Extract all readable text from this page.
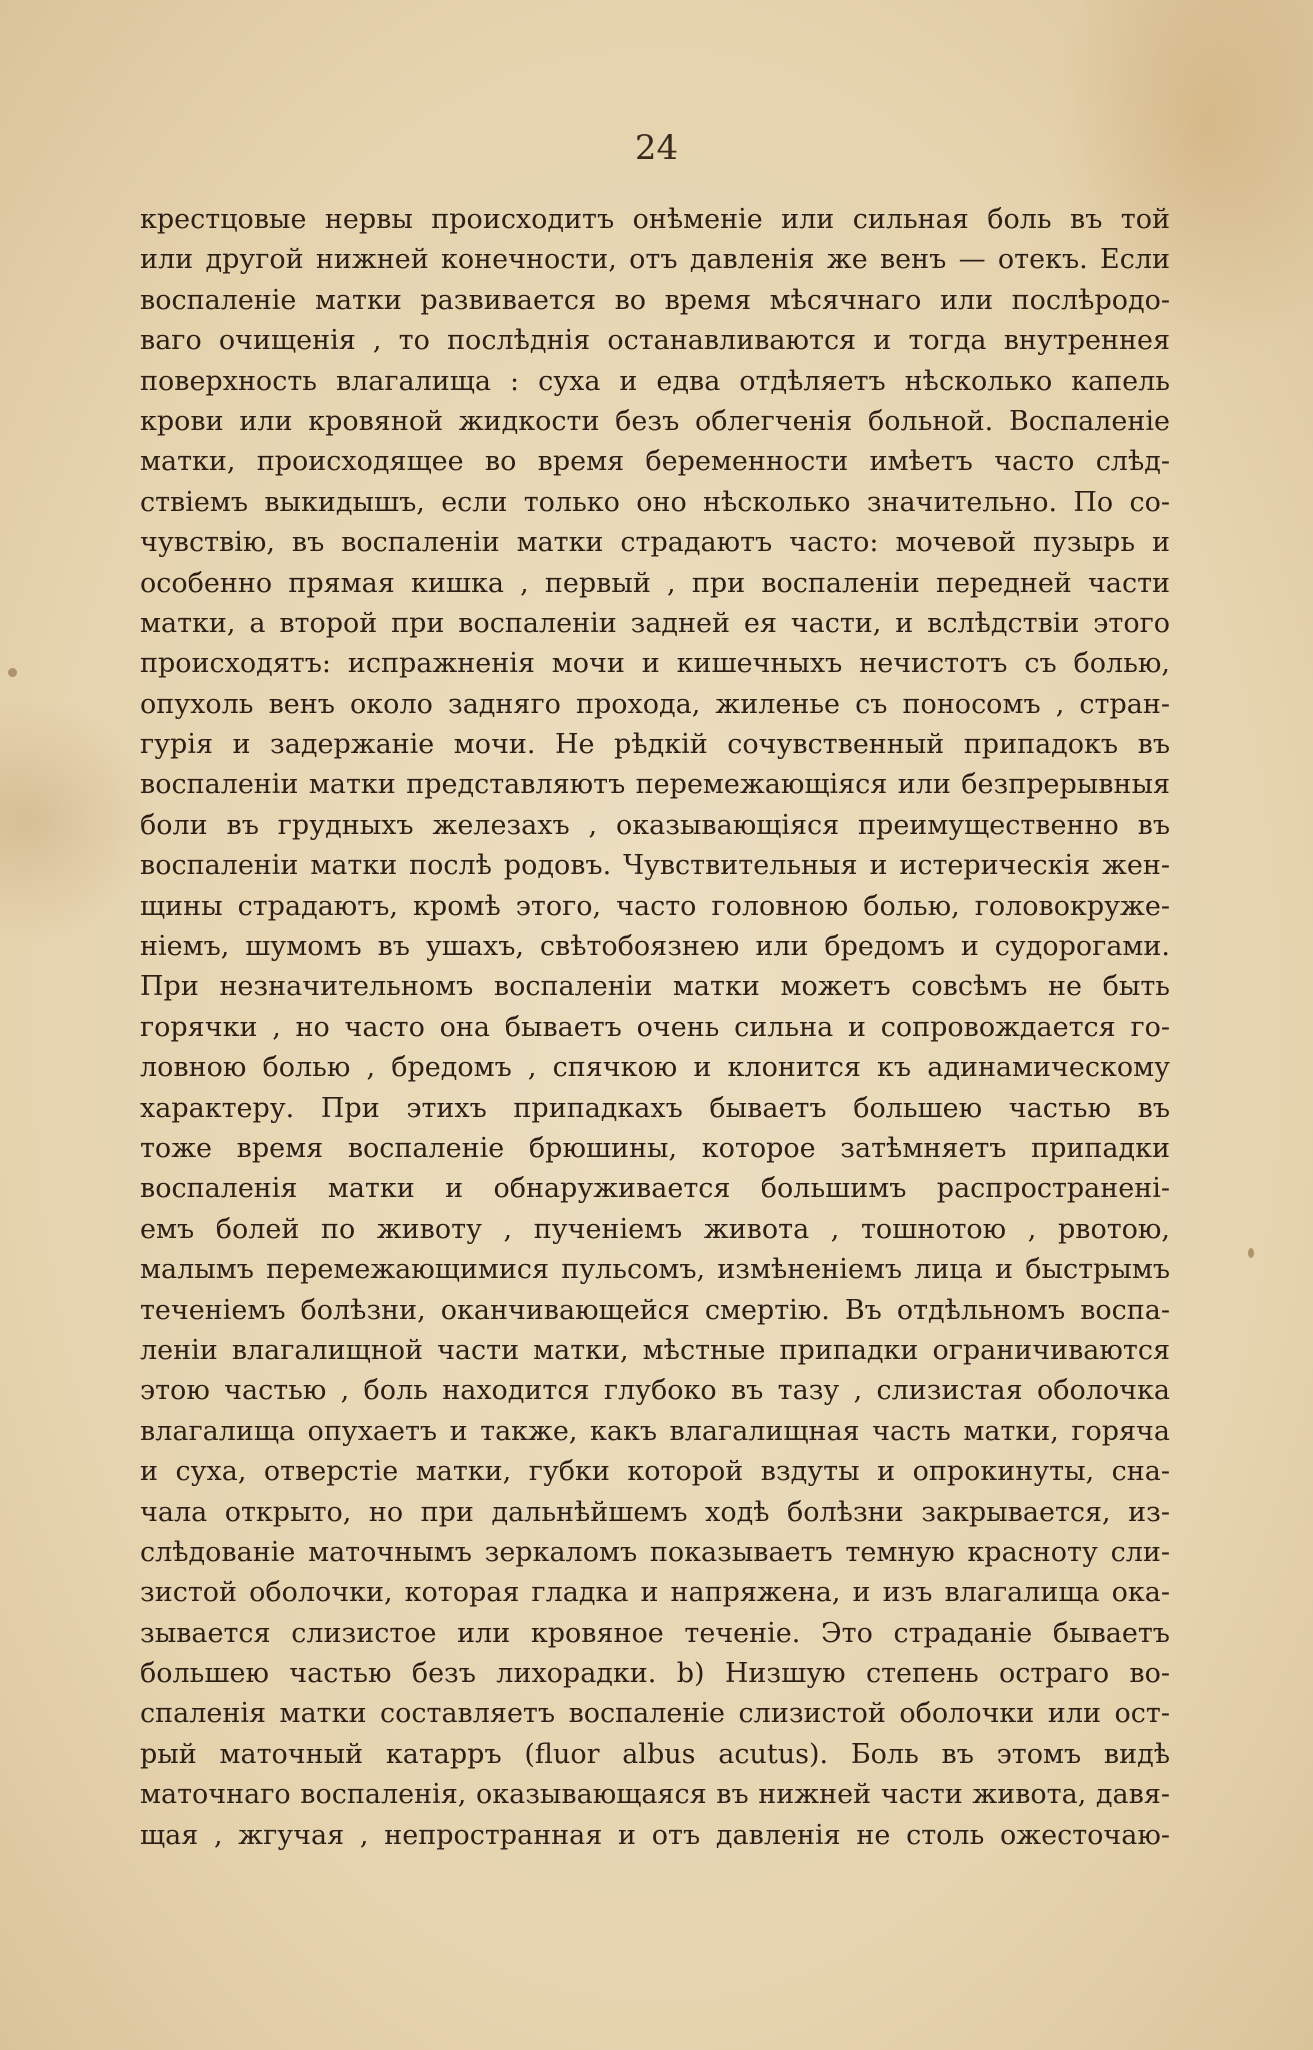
24
крестцовые нервы происходитъ онѣменіе или сильная боль въ той
или другой нижней конечности, отъ давленія же венъ — отекъ. Если
воспаленіе матки развивается во время мѣсячнаго или послѣродо-
ваго очищенія , то послѣднія останавливаются и тогда внутреннея
поверхность влагалища : суха и едва отдѣляетъ нѣсколько капель
крови или кровяной жидкости безъ облегченія больной. Воспаленіе
матки, происходящее во время беременности имѣетъ часто слѣд-
ствіемъ выкидышъ, если только оно нѣсколько значительно. По со-
чувствію, въ воспаленіи матки страдаютъ часто: мочевой пузырь и
особенно прямая кишка , первый , при воспаленіи передней части
матки, а второй при воспаленіи задней ея части, и вслѣдствіи этого
происходятъ: испражненія мочи и кишечныхъ нечистотъ съ болью,
опухоль венъ около задняго прохода, жиленье съ поносомъ , стран-
гурія и задержаніе мочи. Не рѣдкій сочувственный припадокъ въ
воспаленіи матки представляютъ перемежающіяся или безпрерывныя
боли въ грудныхъ железахъ , оказывающіяся преимущественно въ
воспаленіи матки послѣ родовъ. Чувствительныя и истерическія жен-
щины страдаютъ, кромѣ этого, часто головною болью, головокруже-
ніемъ, шумомъ въ ушахъ, свѣтобоязнею или бредомъ и судорогами.
При незначительномъ воспаленіи матки можетъ совсѣмъ не быть
горячки , но часто она бываетъ очень сильна и сопровождается го-
ловною болью , бредомъ , спячкою и клонится къ адинамическому
характеру. При этихъ припадкахъ бываетъ большею частью въ
тоже время воспаленіе брюшины, которое затѣмняетъ припадки
воспаленія матки и обнаруживается большимъ распространені-
емъ болей по животу , пученіемъ живота , тошнотою , рвотою,
малымъ перемежающимися пульсомъ, измѣненіемъ лица и быстрымъ
теченіемъ болѣзни, оканчивающейся смертію. Въ отдѣльномъ воспа-
леніи влагалищной части матки, мѣстные припадки ограничиваются
этою частью , боль находится глубоко въ тазу , слизистая оболочка
влагалища опухаетъ и также, какъ влагалищная часть матки, горяча
и суха, отверстіе матки, губки которой вздуты и опрокинуты, сна-
чала открыто, но при дальнѣйшемъ ходѣ болѣзни закрывается, из-
слѣдованіе маточнымъ зеркаломъ показываетъ темную красноту сли-
зистой оболочки, которая гладка и напряжена, и изъ влагалища ока-
зывается слизистое или кровяное теченіе. Это страданіе бываетъ
большею частью безъ лихорадки. b) Низшую степень остраго во-
спаленія матки составляетъ воспаленіе слизистой оболочки или ост-
рый маточный катарръ (fluor albus acutus). Боль въ этомъ видѣ
маточнаго воспаленія, оказывающаяся въ нижней части живота, давя-
щая , жгучая , непространная и отъ давленія не столь ожесточаю-
